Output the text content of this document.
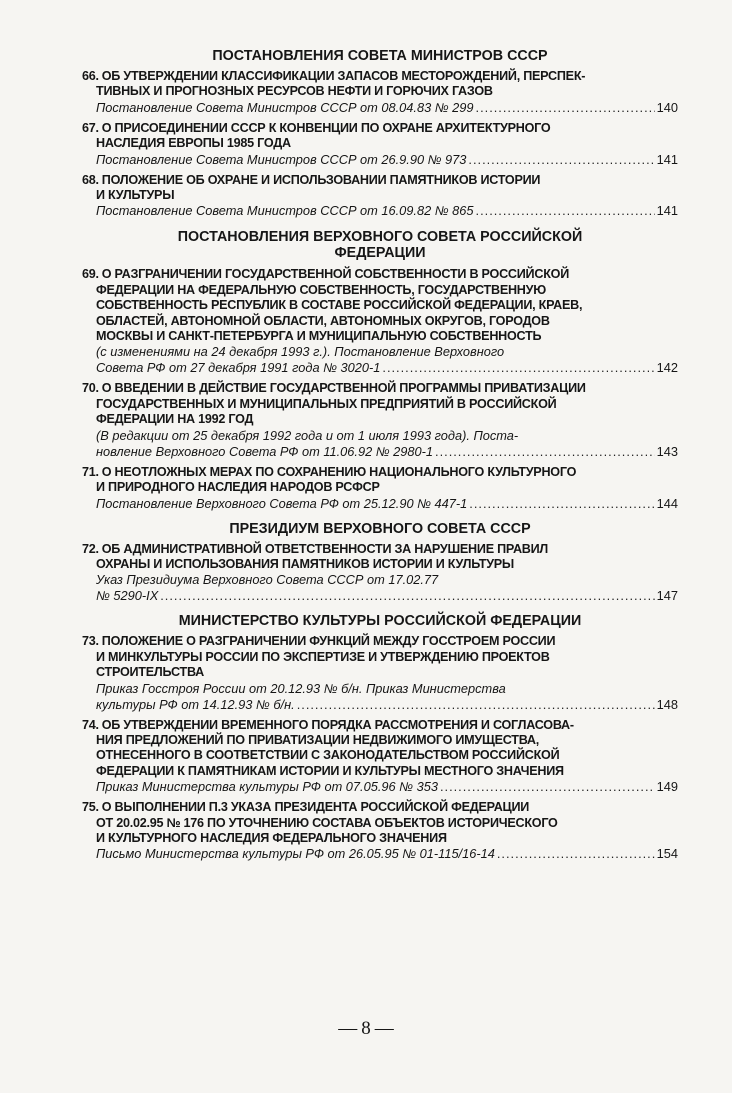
ПОСТАНОВЛЕНИЯ СОВЕТА МИНИСТРОВ СССР
66. ОБ УТВЕРЖДЕНИИ КЛАССИФИКАЦИИ ЗАПАСОВ МЕСТОРОЖДЕНИЙ, ПЕРСПЕК-
ТИВНЫХ И ПРОГНОЗНЫХ РЕСУРСОВ НЕФТИ И ГОРЮЧИХ ГАЗОВ
Постановление Совета Министров СССР от 08.04.83 № 299 .....	140
67. О ПРИСОЕДИНЕНИИ СССР К КОНВЕНЦИИ ПО ОХРАНЕ АРХИТЕКТУРНОГО
НАСЛЕДИЯ ЕВРОПЫ 1985 ГОДА
Постановление Совета Министров СССР от 26.9.90 № 973 .....	141
68. ПОЛОЖЕНИЕ ОБ ОХРАНЕ И ИСПОЛЬЗОВАНИИ ПАМЯТНИКОВ ИСТОРИИ
И КУЛЬТУРЫ
Постановление Совета Министров СССР от 16.09.82 № 865 .....	141
ПОСТАНОВЛЕНИЯ ВЕРХОВНОГО СОВЕТА РОССИЙСКОЙ
ФЕДЕРАЦИИ
69. О РАЗГРАНИЧЕНИИ ГОСУДАРСТВЕННОЙ СОБСТВЕННОСТИ В РОССИЙСКОЙ
ФЕДЕРАЦИИ НА ФЕДЕРАЛЬНУЮ СОБСТВЕННОСТЬ, ГОСУДАРСТВЕННУЮ
СОБСТВЕННОСТЬ РЕСПУБЛИК В СОСТАВЕ РОССИЙСКОЙ ФЕДЕРАЦИИ, КРАЕВ,
ОБЛАСТЕЙ, АВТОНОМНОЙ ОБЛАСТИ, АВТОНОМНЫХ ОКРУГОВ, ГОРОДОВ
МОСКВЫ И САНКТ-ПЕТЕРБУРГА И МУНИЦИПАЛЬНУЮ СОБСТВЕННОСТЬ
(с изменениями на 24 декабря 1993 г.). Постановление Верховного
Совета РФ от 27 декабря 1991 года № 3020-1 .....	142
70. О ВВЕДЕНИИ В ДЕЙСТВИЕ ГОСУДАРСТВЕННОЙ ПРОГРАММЫ ПРИВАТИЗАЦИИ
ГОСУДАРСТВЕННЫХ И МУНИЦИПАЛЬНЫХ ПРЕДПРИЯТИЙ В РОССИЙСКОЙ
ФЕДЕРАЦИИ НА 1992 ГОД
(В редакции от 25 декабря 1992 года и от 1 июля 1993 года). Поста-
новление Верховного Совета РФ от 11.06.92 № 2980-1 .....	143
71. О НЕОТЛОЖНЫХ МЕРАХ ПО СОХРАНЕНИЮ НАЦИОНАЛЬНОГО КУЛЬТУРНОГО
И ПРИРОДНОГО НАСЛЕДИЯ НАРОДОВ РСФСР
Постановление Верховного Совета РФ от 25.12.90 № 447-1 .....	144
ПРЕЗИДИУМ ВЕРХОВНОГО СОВЕТА СССР
72. ОБ АДМИНИСТРАТИВНОЙ ОТВЕТСТВЕННОСТИ ЗА НАРУШЕНИЕ ПРАВИЛ
ОХРАНЫ И ИСПОЛЬЗОВАНИЯ ПАМЯТНИКОВ ИСТОРИИ И КУЛЬТУРЫ
Указ Президиума Верховного Совета СССР от 17.02.77
№ 5290-IX .....	147
МИНИСТЕРСТВО КУЛЬТУРЫ РОССИЙСКОЙ ФЕДЕРАЦИИ
73. ПОЛОЖЕНИЕ О РАЗГРАНИЧЕНИИ ФУНКЦИЙ МЕЖДУ ГОССТРОЕМ РОССИИ
И МИНКУЛЬТУРЫ РОССИИ ПО ЭКСПЕРТИЗЕ И УТВЕРЖДЕНИЮ ПРОЕКТОВ
СТРОИТЕЛЬСТВА
Приказ Госстроя России от 20.12.93 № б/н. Приказ Министерства
культуры РФ от 14.12.93 № б/н. .....	148
74. ОБ УТВЕРЖДЕНИИ ВРЕМЕННОГО ПОРЯДКА РАССМОТРЕНИЯ И СОГЛАСОВА-
НИЯ ПРЕДЛОЖЕНИЙ ПО ПРИВАТИЗАЦИИ НЕДВИЖИМОГО ИМУЩЕСТВА,
ОТНЕСЕННОГО В СООТВЕТСТВИИ С ЗАКОНОДАТЕЛЬСТВОМ РОССИЙСКОЙ
ФЕДЕРАЦИИ К ПАМЯТНИКАМ ИСТОРИИ И КУЛЬТУРЫ МЕСТНОГО ЗНАЧЕНИЯ
Приказ Министерства культуры РФ от 07.05.96 № 353 .....	149
75. О ВЫПОЛНЕНИИ П.3 УКАЗА ПРЕЗИДЕНТА РОССИЙСКОЙ ФЕДЕРАЦИИ
ОТ 20.02.95 № 176 ПО УТОЧНЕНИЮ СОСТАВА ОБЪЕКТОВ ИСТОРИЧЕСКОГО
И КУЛЬТУРНОГО НАСЛЕДИЯ ФЕДЕРАЛЬНОГО ЗНАЧЕНИЯ
Письмо Министерства культуры РФ от 26.05.95 № 01-115/16-14 .....	154
— 8 —
